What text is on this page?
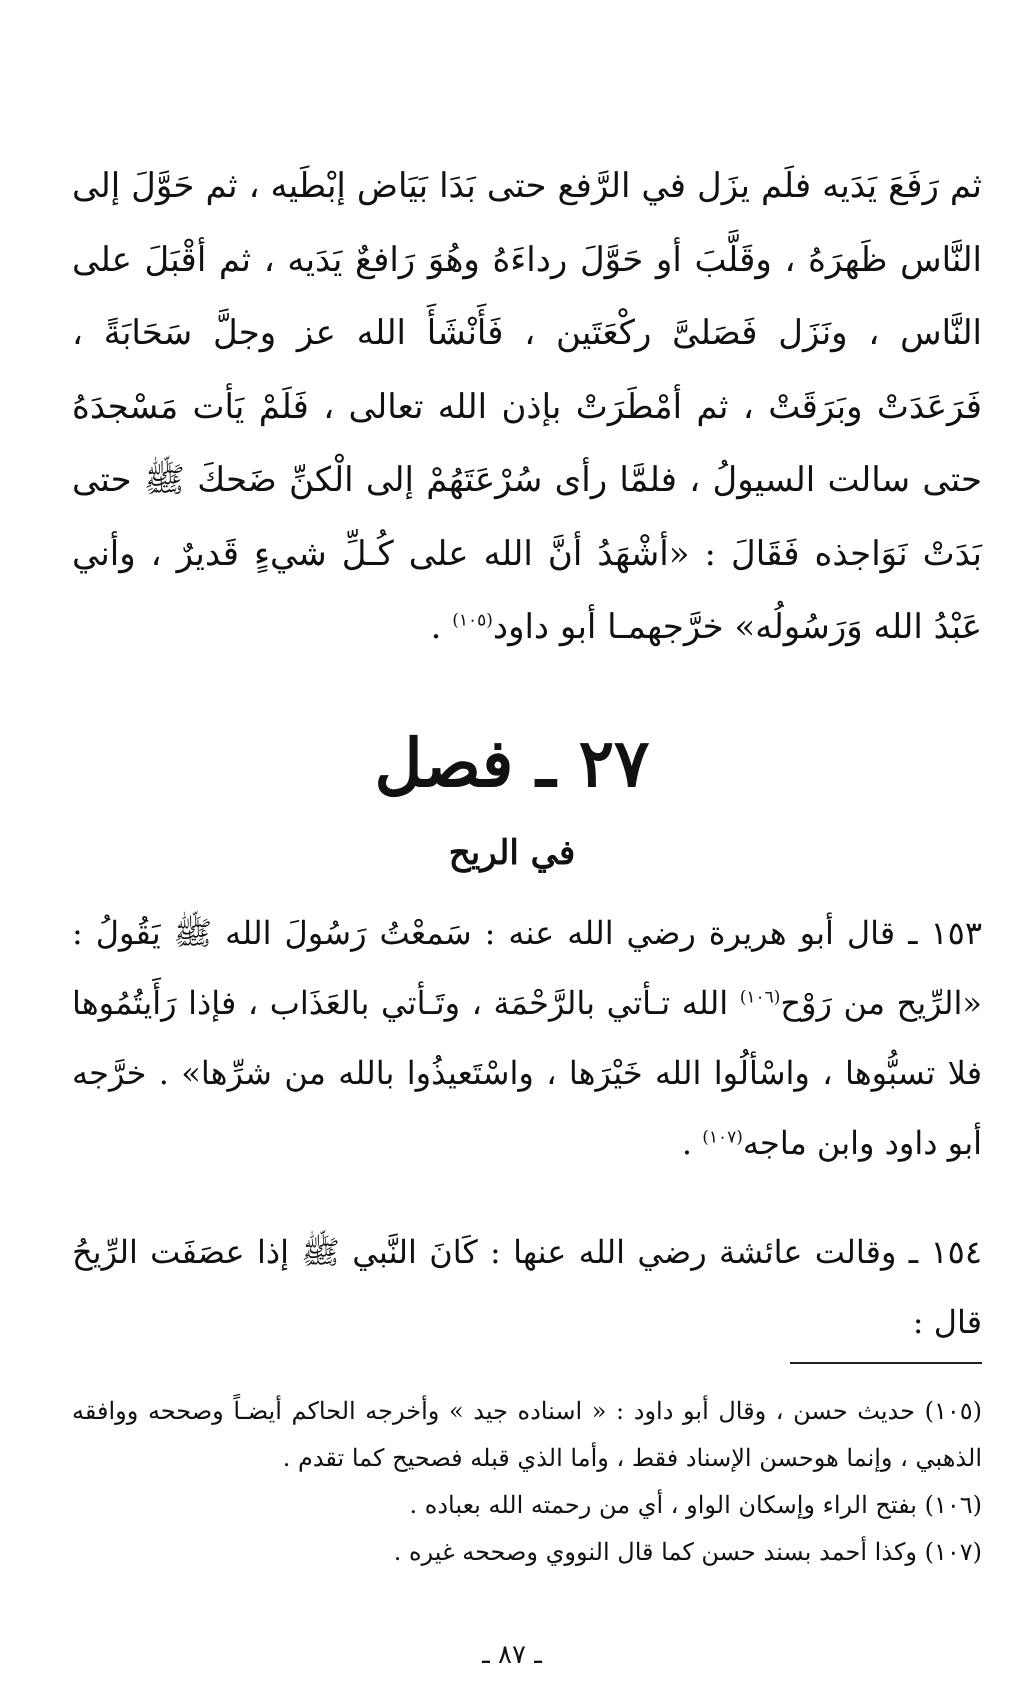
ثم رَفَعَ يَدَيه فلَم يزَل في الرَّفع حتى بَدَا بَيَاض إبْطَيه ، ثم حَوَّلَ إلى النَّاس ظَهرَهُ ، وقَلَّبَ أو حَوَّلَ رداءَهُ وهُوَ رَافعٌ يَدَيه ، ثم أقْبَلَ على النَّاس ، ونَزَل فَصَلىَّ ركْعَتَين ، فَأَنْشَأَ الله عز وجلَّ سَحَابَةً ، فَرَعَدَتْ وبَرَقَتْ ، ثم أمْطَرَتْ بإذن الله تعالى ، فَلَمْ يَأت مَسْجدَهُ حتى سالت السيولُ ، فلمَّا رأى سُرْعَتَهُمْ إلى الْكنِّ ضَحكَ ﷺ حتى بَدَتْ نَوَاجذه فَقَالَ : «أشْهَدُ أنَّ الله على كُـلِّ شيءٍ قَديرٌ ، وأني عَبْدُ الله وَرَسُولُه» خرَّجهمـا أبو داود$^{(١٠٥)}$ .

٢٧ ـ فصل
في الريح

١٥٣ ـ قال أبو هريرة رضي الله عنه : سَمعْتُ رَسُولَ الله ﷺ يَقُولُ : «الرِّيح من رَوْح$^{(١٠٦)}$ الله تـأتي بالرَّحْمَة ، وتَـأتي بالعَذَاب ، فإذا رَأَيتُمُوها فلا تسبُّوها ، واسْألُوا الله خَيْرَها ، واسْتَعيذُوا بالله من شرِّها» . خرَّجه أبو داود وابن ماجه$^{(١٠٧)}$ .

١٥٤ ـ وقالت عائشة رضي الله عنها : كَانَ النَّبي ﷺ إذا عصَفَت الرِّيحُ قال :

(١٠٥) حديث حسن ، وقال أبو داود : « اسناده جيد » وأخرجه الحاكم أيضـاً وصححه ووافقه الذهبي ، وإنما هوحسن الإسناد فقط ، وأما الذي قبله فصحيح كما تقدم .

(١٠٦) بفتح الراء وإسكان الواو ، أي من رحمته الله بعباده .

(١٠٧) وكذا أحمد بسند حسن كما قال النووي وصححه غيره .

ـ ٨٧ ـ
